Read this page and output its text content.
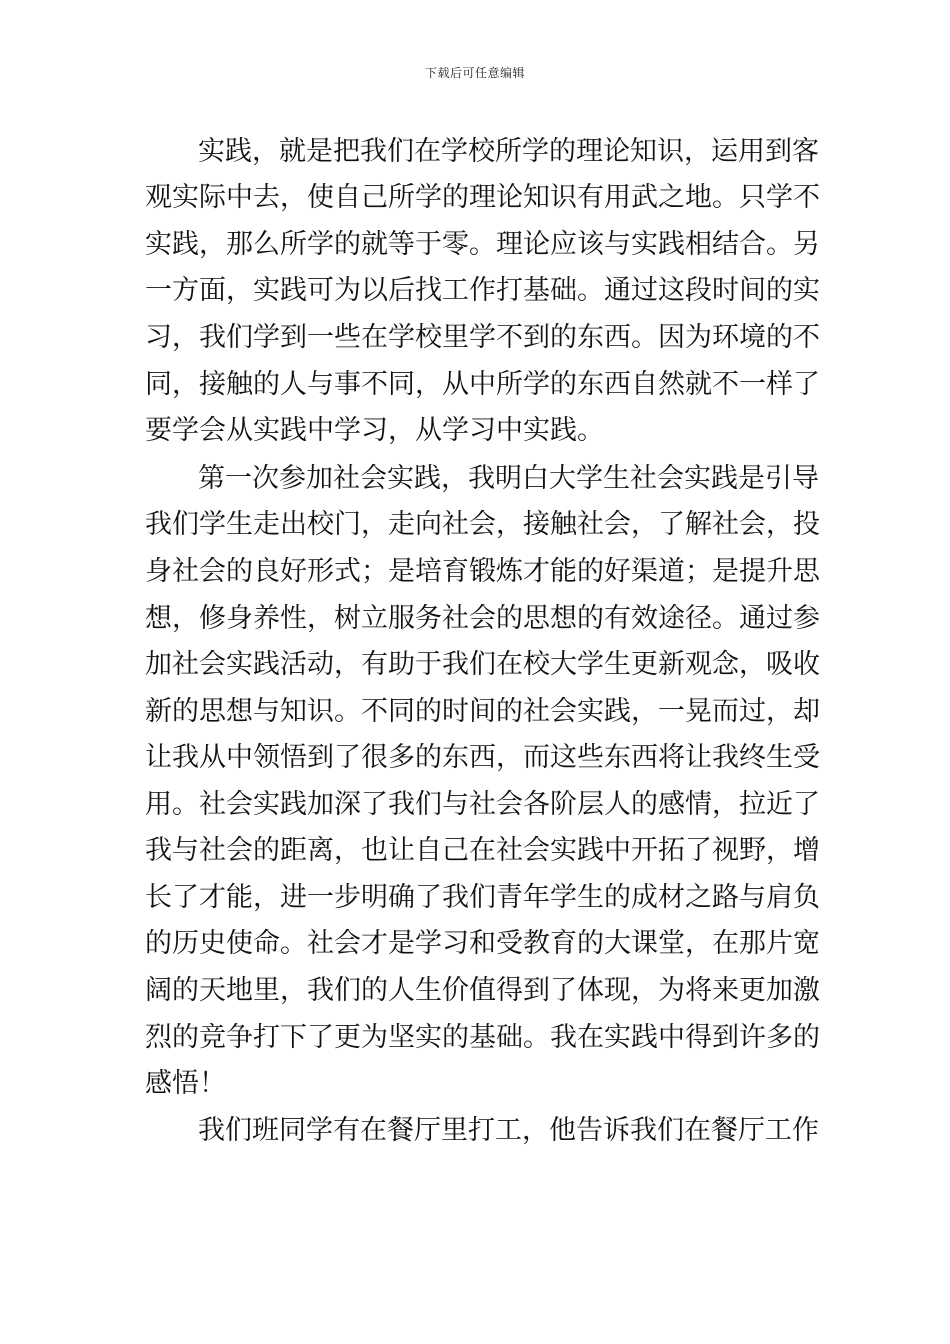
下载后可任意编辑
实践，就是把我们在学校所学的理论知识，运用到客
观实际中去，使自己所学的理论知识有用武之地。只学不
实践，那么所学的就等于零。理论应该与实践相结合。另
一方面，实践可为以后找工作打基础。通过这段时间的实
习，我们学到一些在学校里学不到的东西。因为环境的不
同，接触的人与事不同，从中所学的东西自然就不一样了
要学会从实践中学习，从学习中实践。
第一次参加社会实践，我明白大学生社会实践是引导
我们学生走出校门，走向社会，接触社会，了解社会，投
身社会的良好形式；是培育锻炼才能的好渠道；是提升思
想，修身养性，树立服务社会的思想的有效途径。通过参
加社会实践活动，有助于我们在校大学生更新观念，吸收
新的思想与知识。不同的时间的社会实践，一晃而过，却
让我从中领悟到了很多的东西，而这些东西将让我终生受
用。社会实践加深了我们与社会各阶层人的感情，拉近了
我与社会的距离，也让自己在社会实践中开拓了视野，增
长了才能，进一步明确了我们青年学生的成材之路与肩负
的历史使命。社会才是学习和受教育的大课堂，在那片宽
阔的天地里，我们的人生价值得到了体现，为将来更加激
烈的竞争打下了更为坚实的基础。我在实践中得到许多的
感悟！
我们班同学有在餐厅里打工，他告诉我们在餐厅工作
